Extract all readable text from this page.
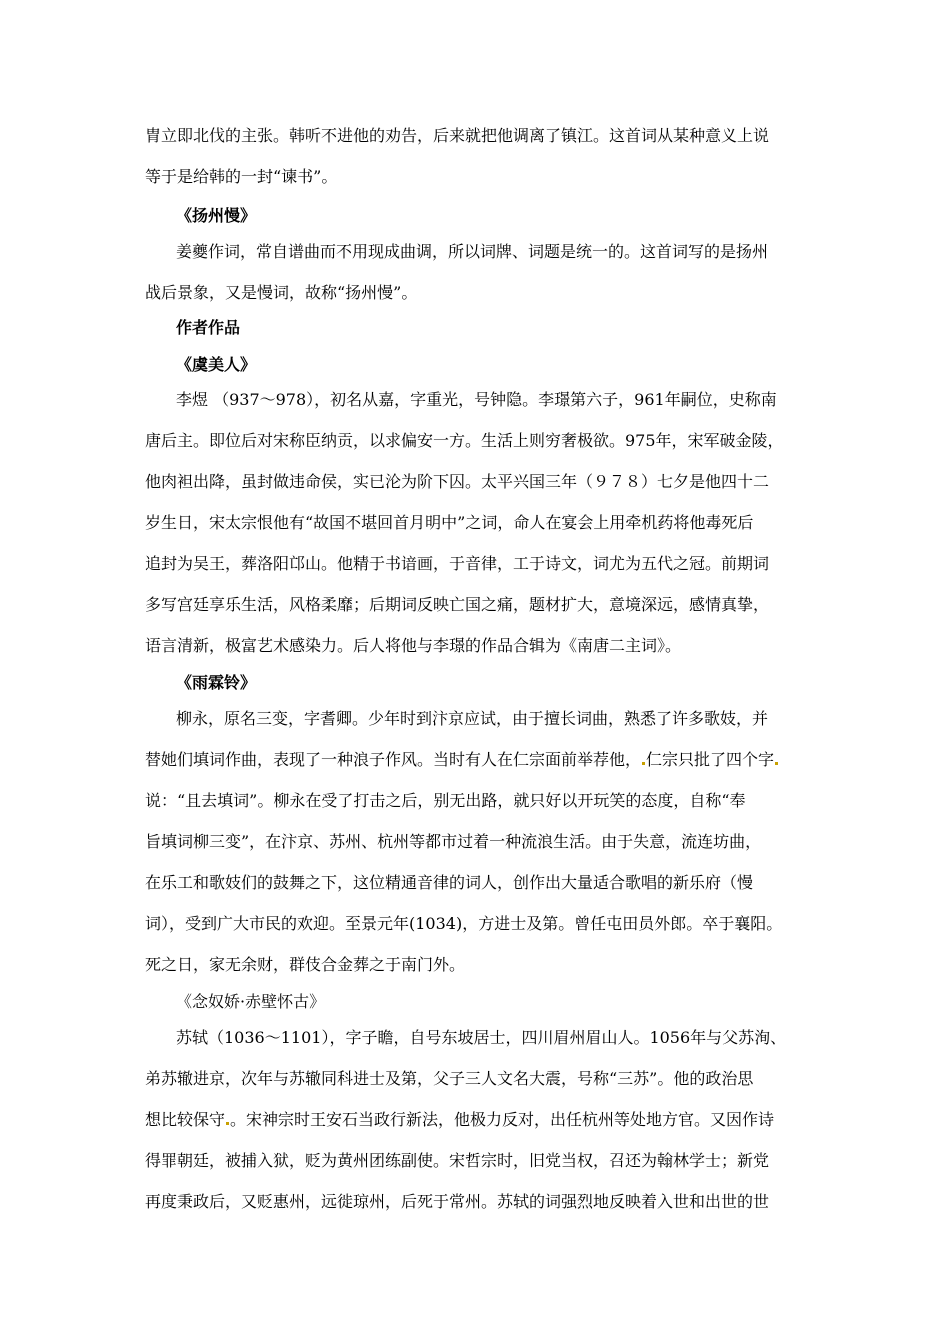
胄立即北伐的主张。韩听不进他的劝告，后来就把他调离了镇江。这首词从某种意义上说
等于是给韩的一封“谏书”。
《扬州慢》
姜夔作词，常自谱曲而不用现成曲调，所以词牌、词题是统一的。这首词写的是扬州
战后景象，又是慢词，故称“扬州慢”。
作者作品
《虞美人》
李煜 （937～978），初名从嘉，字重光，号钟隐。李璟第六子，961年嗣位，史称南
唐后主。即位后对宋称臣纳贡，以求偏安一方。生活上则穷奢极欲。975年，宋军破金陵，
他肉袒出降，虽封做违命侯，实已沦为阶下囚。太平兴国三年（９７８）七夕是他四十二
岁生日，宋太宗恨他有“故国不堪回首月明中”之词，命人在宴会上用牵机药将他毒死后
追封为吴王，葬洛阳邙山。他精于书谙画，于音律，工于诗文，词尤为五代之冠。前期词
多写宫廷享乐生活，风格柔靡；后期词反映亡国之痛，题材扩大，意境深远，感情真挚，
语言清新，极富艺术感染力。后人将他与李璟的作品合辑为《南唐二主词》。
《雨霖铃》
柳永，原名三变，字耆卿。少年时到汴京应试，由于擅长词曲，熟悉了许多歌妓，并
替她们填词作曲，表现了一种浪子作风。当时有人在仁宗面前举荐他， 仁宗只批了四个字
说：“且去填词”。柳永在受了打击之后，别无出路，就只好以开玩笑的态度，自称“奉
旨填词柳三变”，在汴京、苏州、杭州等都市过着一种流浪生活。由于失意，流连坊曲，
在乐工和歌妓们的鼓舞之下，这位精通音律的词人，创作出大量适合歌唱的新乐府（慢
词），受到广大市民的欢迎。至景元年(1034)，方进士及第。曾任屯田员外郎。卒于襄阳。
死之日，家无余财，群伎合金葬之于南门外。
《念奴娇·赤壁怀古》
苏轼（1036～1101），字子瞻，自号东坡居士，四川眉州眉山人。1056年与父苏洵、
弟苏辙进京，次年与苏辙同科进士及第，父子三人文名大震，号称“三苏”。他的政治思
想比较保守 。宋神宗时王安石当政行新法，他极力反对，出任杭州等处地方官。又因作诗
得罪朝廷，被捕入狱，贬为黄州团练副使。宋哲宗时，旧党当权，召还为翰林学士；新党
再度秉政后，又贬惠州，远徙琼州，后死于常州。苏轼的词强烈地反映着入世和出世的世
